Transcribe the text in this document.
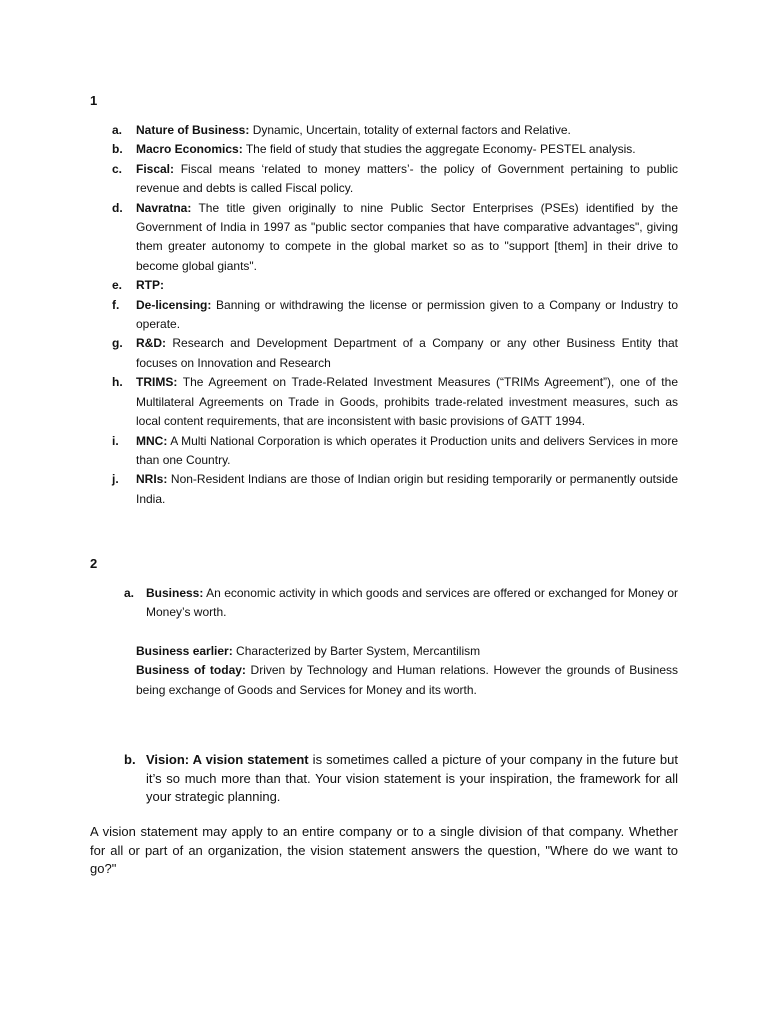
1
a. Nature of Business: Dynamic, Uncertain, totality of external factors and Relative.
b. Macro Economics: The field of study that studies the aggregate Economy- PESTEL analysis.
c. Fiscal: Fiscal means ‘related to money matters’- the policy of Government pertaining to public revenue and debts is called Fiscal policy.
d. Navratna: The title given originally to nine Public Sector Enterprises (PSEs) identified by the Government of India in 1997 as "public sector companies that have comparative advantages", giving them greater autonomy to compete in the global market so as to "support [them] in their drive to become global giants".
e. RTP:
f. De-licensing: Banning or withdrawing the license or permission given to a Company or Industry to operate.
g. R&D: Research and Development Department of a Company or any other Business Entity that focuses on Innovation and Research
h. TRIMS: The Agreement on Trade-Related Investment Measures (“TRIMs Agreement”), one of the Multilateral Agreements on Trade in Goods, prohibits trade-related investment measures, such as local content requirements, that are inconsistent with basic provisions of GATT 1994.
i. MNC: A Multi National Corporation is which operates it Production units and delivers Services in more than one Country.
j. NRIs: Non-Resident Indians are those of Indian origin but residing temporarily or permanently outside India.
2
a. Business: An economic activity in which goods and services are offered or exchanged for Money or Money’s worth.

Business earlier: Characterized by Barter System, Mercantilism

Business of today: Driven by Technology and Human relations. However the grounds of Business being exchange of Goods and Services for Money and its worth.

b. Vision: A vision statement is sometimes called a picture of your company in the future but it’s so much more than that. Your vision statement is your inspiration, the framework for all your strategic planning.

A vision statement may apply to an entire company or to a single division of that company. Whether for all or part of an organization, the vision statement answers the question, "Where do we want to go?"
